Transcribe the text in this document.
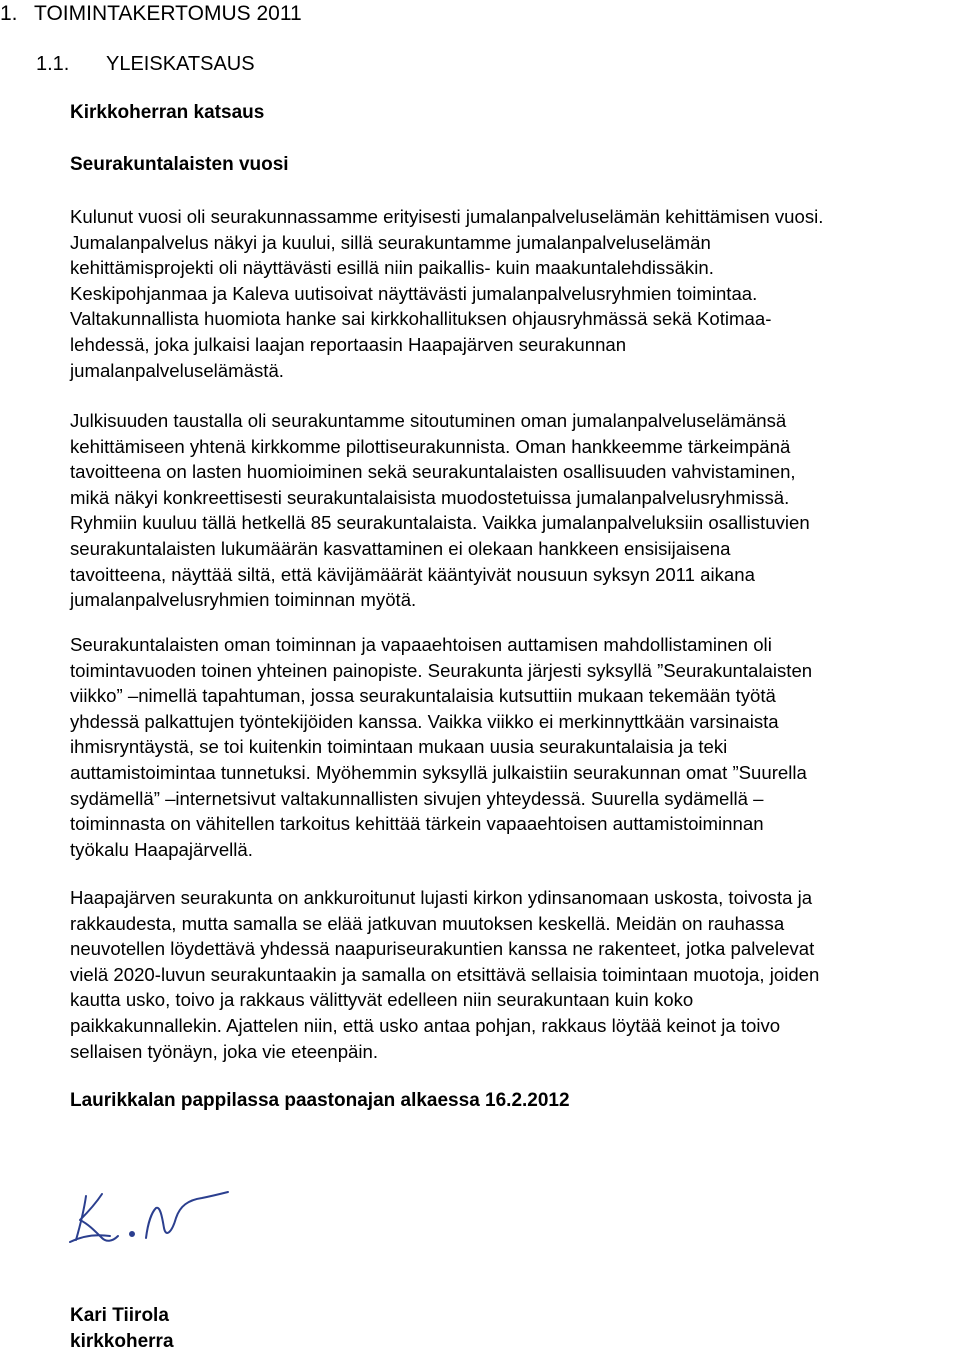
1. TOIMINTAKERTOMUS 2011
1.1. YLEISKATSAUS
Kirkkoherran katsaus
Seurakuntalaisten vuosi
Kulunut vuosi oli seurakunnassamme erityisesti jumalanpalveluselämän kehittämisen vuosi.
Jumalanpalvelus näkyi ja kuului, sillä seurakuntamme jumalanpalveluselämän
kehittämisprojekti oli näyttävästi esillä niin paikallis- kuin maakuntalehdissäkin.
Keskipohjanmaa ja Kaleva uutisoivat näyttävästi jumalanpalvelusryhmien toimintaa.
Valtakunnallista huomiota hanke sai kirkkohallituksen ohjausryhmässä sekä Kotimaa-
lehdessä, joka julkaisi laajan reportaasin Haapajärven seurakunnan
jumalanpalveluselämästä.
Julkisuuden taustalla oli seurakuntamme sitoutuminen oman jumalanpalveluselämänsä
kehittämiseen yhtenä kirkkomme pilottiseurakunnista. Oman hankkeemme tärkeimpänä
tavoitteena on lasten huomioiminen sekä seurakuntalaisten osallisuuden vahvistaminen,
mikä näkyi konkreettisesti seurakuntalaisista muodostetuissa jumalanpalvelusryhmissä.
Ryhmiin kuuluu tällä hetkellä 85 seurakuntalaista. Vaikka jumalanpalveluksiin osallistuvien
seurakuntalaisten lukumäärän kasvattaminen ei olekaan hankkeen ensisijaisena
tavoitteena, näyttää siltä, että kävijämäärät kääntyivät nousuun syksyn 2011 aikana
jumalanpalvelusryhmien toiminnan myötä.
Seurakuntalaisten oman toiminnan ja vapaaehtoisen auttamisen mahdollistaminen oli
toimintavuoden toinen yhteinen painopiste. Seurakunta järjesti syksyllä ”Seurakuntalaisten
viikko” –nimellä tapahtuman, jossa seurakuntalaisia kutsuttiin mukaan tekemään työtä
yhdessä palkattujen työntekijöiden kanssa. Vaikka viikko ei merkinnyttkään varsinaista
ihmisryntäystä, se toi kuitenkin toimintaan mukaan uusia seurakuntalaisia ja teki
auttamistoimintaa tunnetuksi. Myöhemmin syksyllä julkaistiin seurakunnan omat ”Suurella
sydämellä” –internetsivut valtakunnallisten sivujen yhteydessä. Suurella sydämellä –
toiminnasta on vähitellen tarkoitus kehittää tärkein vapaaehtoisen auttamistoiminnan
työkalu Haapajärvellä.
Haapajärven seurakunta on ankkuroitunut lujasti kirkon ydinsanomaan uskosta, toivosta ja
rakkaudesta, mutta samalla se elää jatkuvan muutoksen keskellä. Meidän on rauhassa
neuvotellen löydettävä yhdessä naapuriseurakuntien kanssa ne rakenteet, jotka palvelevat
vielä 2020-luvun seurakuntaakin ja samalla on etsittävä sellaisia toimintaan muotoja, joiden
kautta usko, toivo ja rakkaus välittyvät edelleen niin seurakuntaan kuin koko
paikkakunnallekin. Ajattelen niin, että usko antaa pohjan, rakkaus löytää keinot ja toivo
sellaisen työnäyn, joka vie eteenpäin.
Laurikkalan pappilassa paastonajan alkaessa 16.2.2012
Kari Tiirola
kirkkoherra
